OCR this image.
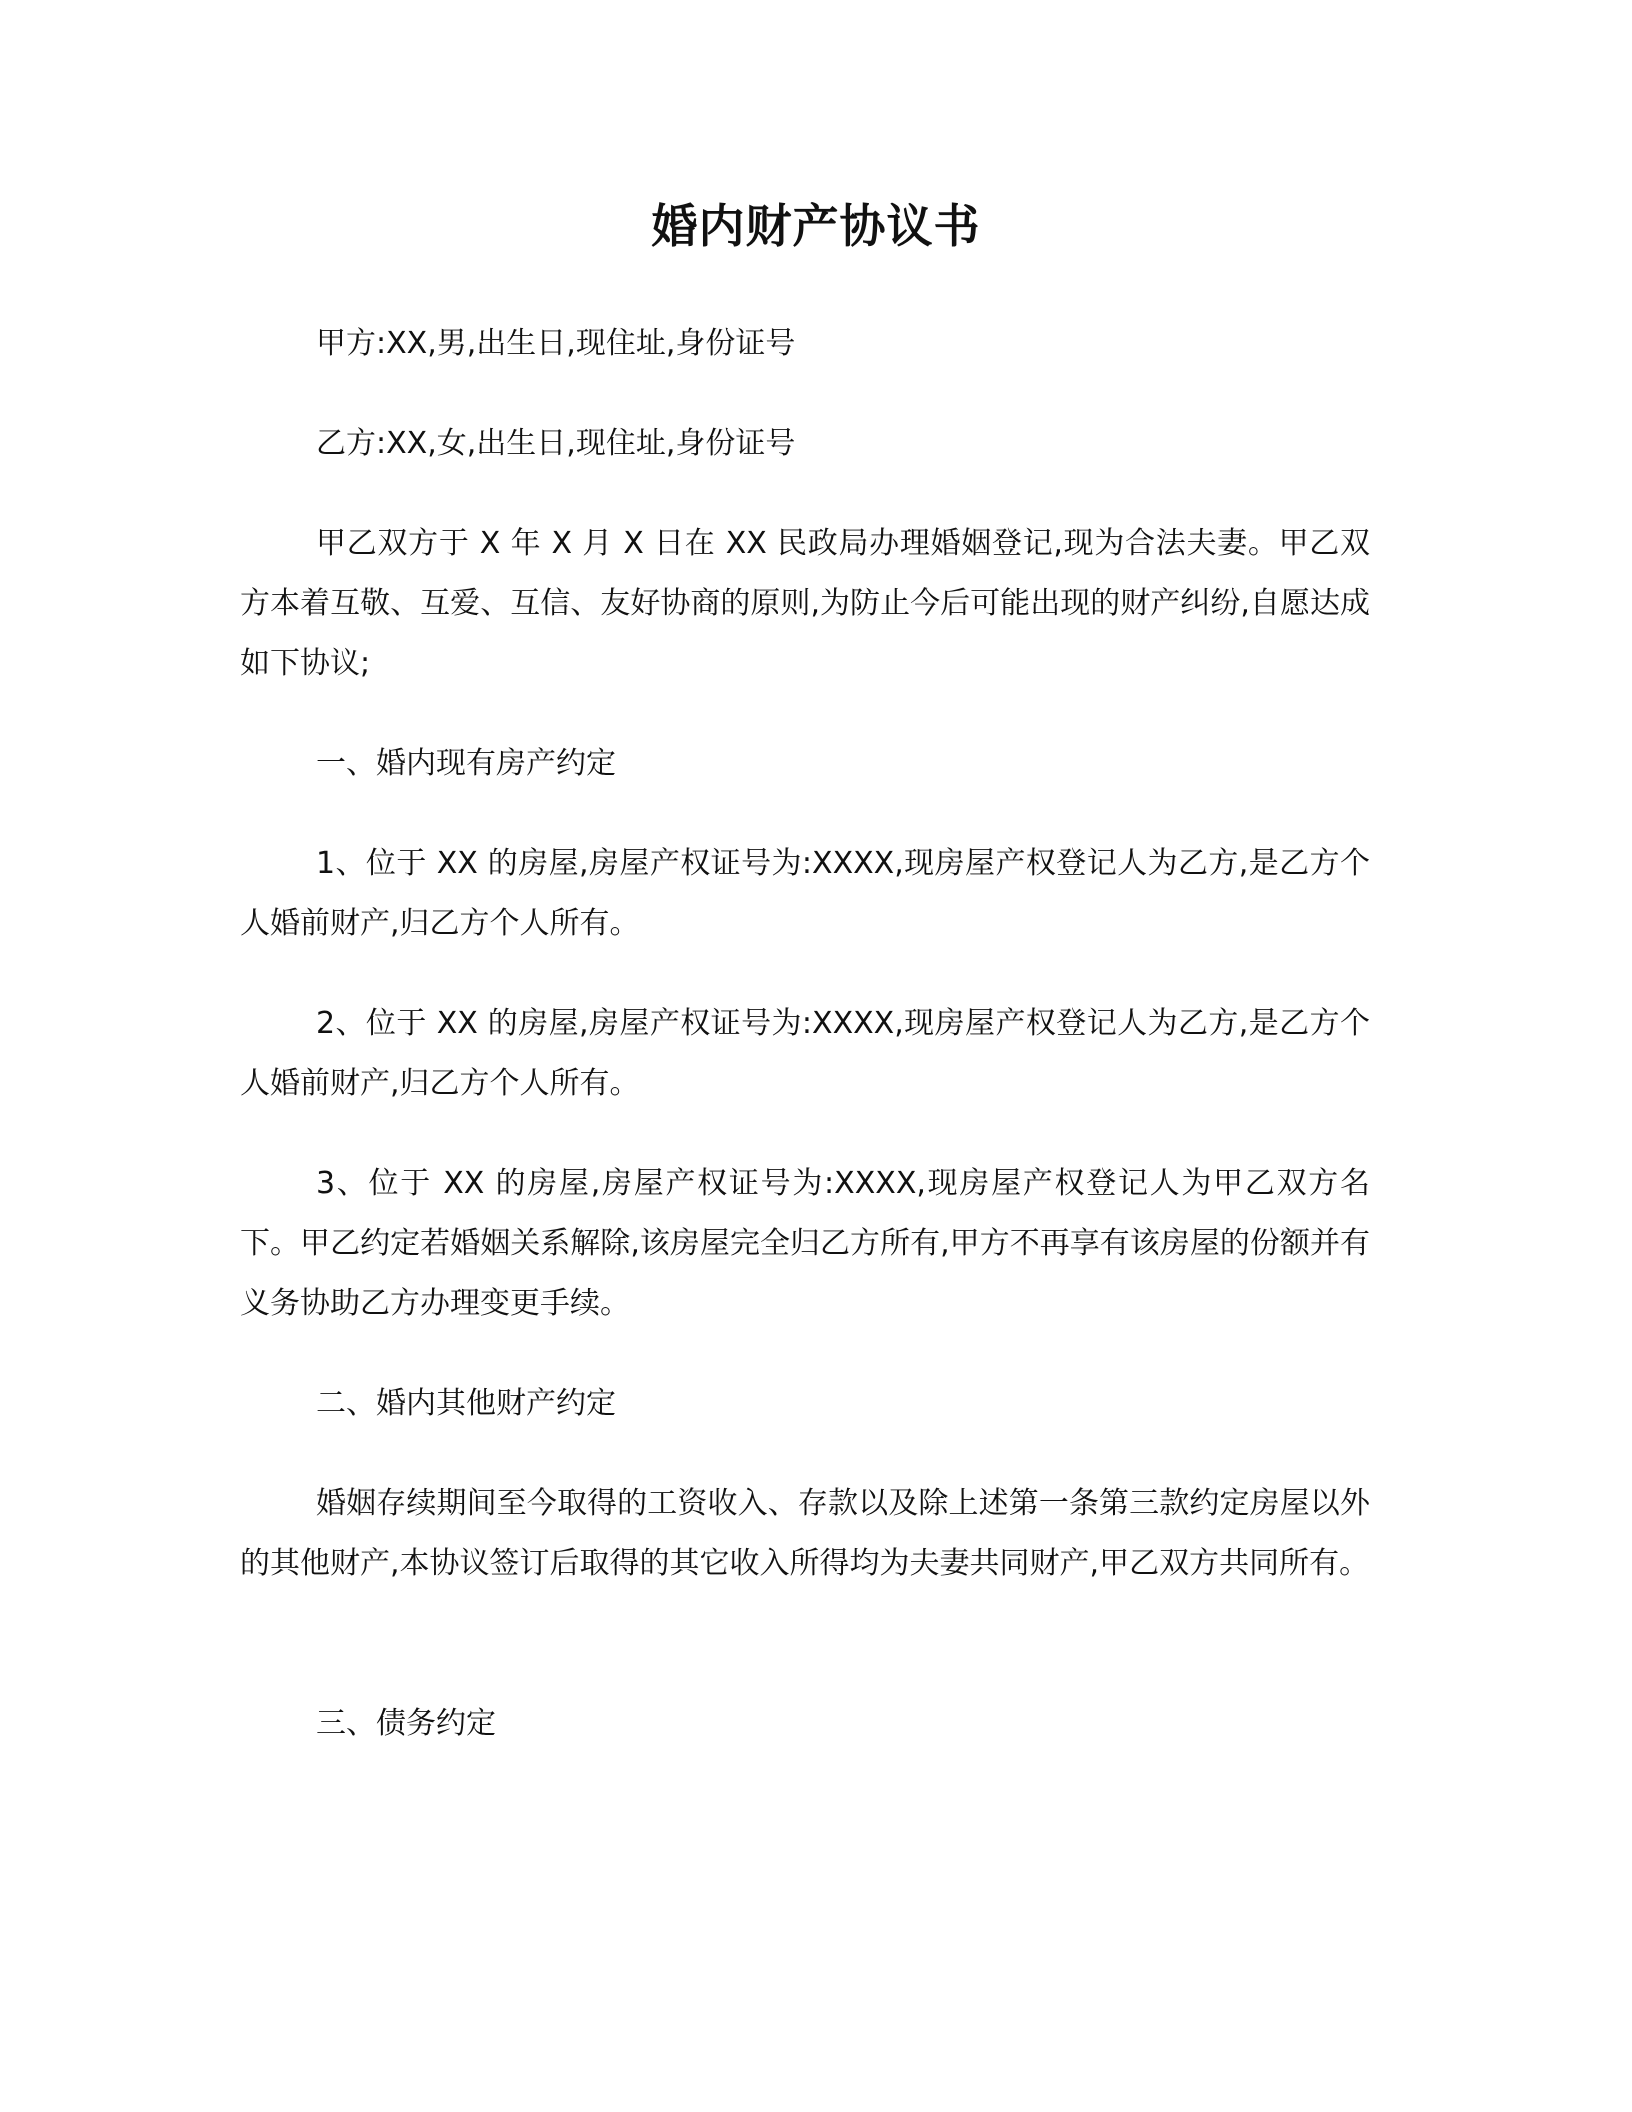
婚内财产协议书
甲方:XX,男,出生日,现住址,身份证号
乙方:XX,女,出生日,现住址,身份证号
甲乙双方于 X 年 X 月 X 日在 XX 民政局办理婚姻登记,现为合法夫妻。甲乙双方本着互敬、互爱、互信、友好协商的原则,为防止今后可能出现的财产纠纷,自愿达成如下协议;
一、婚内现有房产约定
1、位于 XX 的房屋,房屋产权证号为:XXXX,现房屋产权登记人为乙方,是乙方个人婚前财产,归乙方个人所有。
2、位于 XX 的房屋,房屋产权证号为:XXXX,现房屋产权登记人为乙方,是乙方个人婚前财产,归乙方个人所有。
3、位于 XX 的房屋,房屋产权证号为:XXXX,现房屋产权登记人为甲乙双方名下。甲乙约定若婚姻关系解除,该房屋完全归乙方所有,甲方不再享有该房屋的份额并有义务协助乙方办理变更手续。
二、婚内其他财产约定
婚姻存续期间至今取得的工资收入、存款以及除上述第一条第三款约定房屋以外的其他财产,本协议签订后取得的其它收入所得均为夫妻共同财产,甲乙双方共同所有。
三、债务约定
